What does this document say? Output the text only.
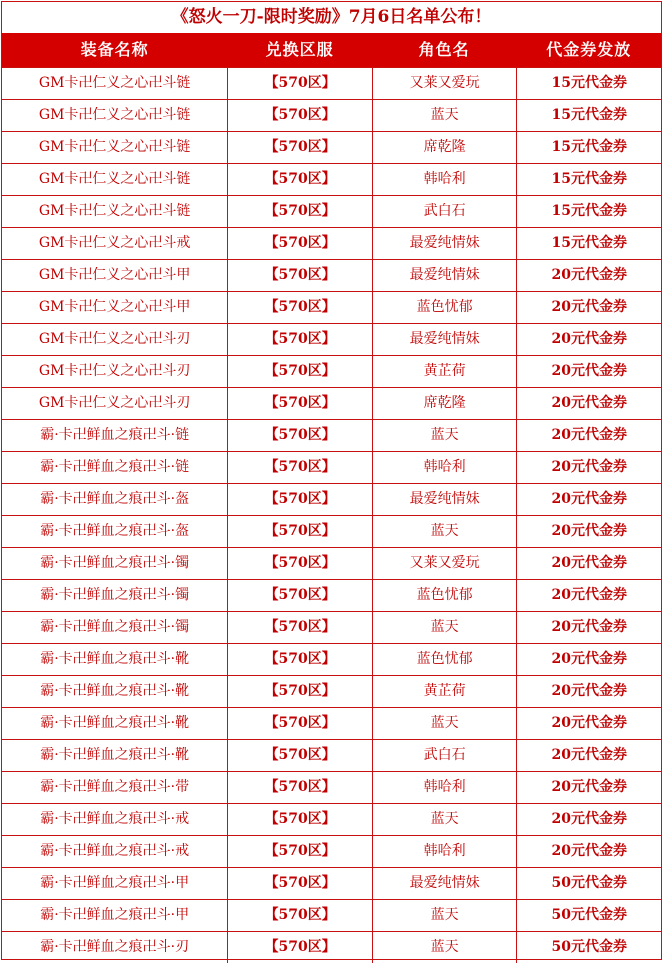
《怒火一刀-限时奖励》7月6日名单公布！
装备名称	兑换区服	角色名	代金券发放
GM卡卍仁义之心卍斗链	【570区】	又莱又爱玩	15元代金券
GM卡卍仁义之心卍斗链	【570区】	蓝天	15元代金券
GM卡卍仁义之心卍斗链	【570区】	席乾隆	15元代金券
GM卡卍仁义之心卍斗链	【570区】	韩哈利	15元代金券
GM卡卍仁义之心卍斗链	【570区】	武白石	15元代金券
GM卡卍仁义之心卍斗戒	【570区】	最爱纯情妹	15元代金券
GM卡卍仁义之心卍斗甲	【570区】	最爱纯情妹	20元代金券
GM卡卍仁义之心卍斗甲	【570区】	蓝色忧郁	20元代金券
GM卡卍仁义之心卍斗刃	【570区】	最爱纯情妹	20元代金券
GM卡卍仁义之心卍斗刃	【570区】	黄芷荷	20元代金券
GM卡卍仁义之心卍斗刃	【570区】	席乾隆	20元代金券
霸·卡卍鲜血之痕卍斗·链	【570区】	蓝天	20元代金券
霸·卡卍鲜血之痕卍斗·链	【570区】	韩哈利	20元代金券
霸·卡卍鲜血之痕卍斗·盔	【570区】	最爱纯情妹	20元代金券
霸·卡卍鲜血之痕卍斗·盔	【570区】	蓝天	20元代金券
霸·卡卍鲜血之痕卍斗·镯	【570区】	又莱又爱玩	20元代金券
霸·卡卍鲜血之痕卍斗·镯	【570区】	蓝色忧郁	20元代金券
霸·卡卍鲜血之痕卍斗·镯	【570区】	蓝天	20元代金券
霸·卡卍鲜血之痕卍斗·靴	【570区】	蓝色忧郁	20元代金券
霸·卡卍鲜血之痕卍斗·靴	【570区】	黄芷荷	20元代金券
霸·卡卍鲜血之痕卍斗·靴	【570区】	蓝天	20元代金券
霸·卡卍鲜血之痕卍斗·靴	【570区】	武白石	20元代金券
霸·卡卍鲜血之痕卍斗·带	【570区】	韩哈利	20元代金券
霸·卡卍鲜血之痕卍斗·戒	【570区】	蓝天	20元代金券
霸·卡卍鲜血之痕卍斗·戒	【570区】	韩哈利	20元代金券
霸·卡卍鲜血之痕卍斗·甲	【570区】	最爱纯情妹	50元代金券
霸·卡卍鲜血之痕卍斗·甲	【570区】	蓝天	50元代金券
霸·卡卍鲜血之痕卍斗·刃	【570区】	蓝天	50元代金券
